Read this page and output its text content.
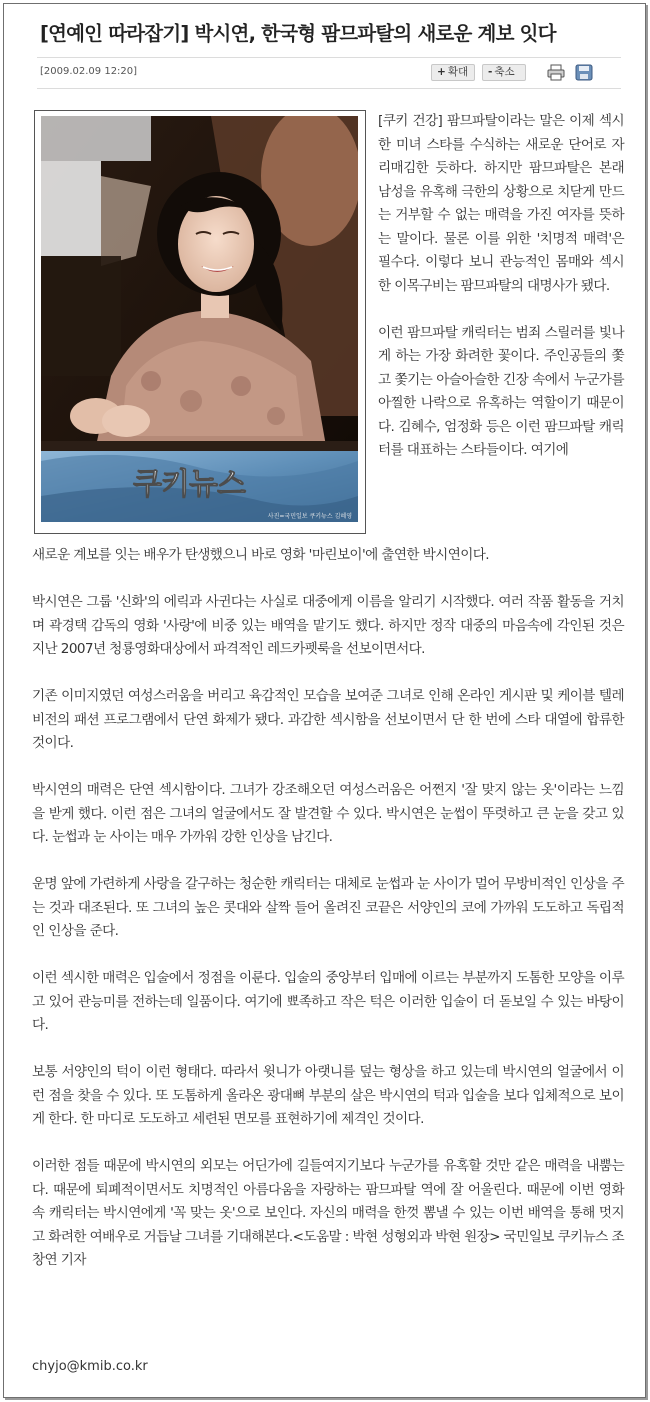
[연예인 따라잡기] 박시연, 한국형 팜므파탈의 새로운 계보 잇다
[2009.02.09 12:20]	+ 확대	- 축소
쿠키뉴스
사진=국민일보 쿠키뉴스 김혜영

[쿠키 건강] 팜므파탈이라는 말은 이제 섹시한 미녀 스타를 수식하는 새로운 단어로 자리매김한 듯하다. 하지만 팜므파탈은 본래 남성을 유혹해 극한의 상황으로 치닫게 만드는 거부할 수 없는 매력을 가진 여자를 뜻하는 말이다. 물론 이를 위한 '치명적 매력'은 필수다. 이렇다 보니 관능적인 몸매와 섹시한 이목구비는 팜므파탈의 대명사가 됐다.

이런 팜므파탈 캐릭터는 범죄 스릴러를 빛나게 하는 가장 화려한 꽃이다. 주인공들의 쫓고 쫓기는 아슬아슬한 긴장 속에서 누군가를 아찔한 나락으로 유혹하는 역할이기 때문이다. 김혜수, 엄정화 등은 이런 팜므파탈 캐릭터를 대표하는 스타들이다. 여기에

새로운 계보를 잇는 배우가 탄생했으니 바로 영화 '마린보이'에 출연한 박시연이다.

박시연은 그룹 '신화'의 에릭과 사귄다는 사실로 대중에게 이름을 알리기 시작했다. 여러 작품 활동을 거치며 곽경택 감독의 영화 '사랑'에 비중 있는 배역을 맡기도 했다. 하지만 정작 대중의 마음속에 각인된 것은 지난 2007년 청룡영화대상에서 파격적인 레드카펫룩을 선보이면서다.

기존 이미지였던 여성스러움을 버리고 육감적인 모습을 보여준 그녀로 인해 온라인 게시판 및 케이블 텔레비전의 패션 프로그램에서 단연 화제가 됐다. 과감한 섹시함을 선보이면서 단 한 번에 스타 대열에 합류한 것이다.

박시연의 매력은 단연 섹시함이다. 그녀가 강조해오던 여성스러움은 어쩐지 '잘 맞지 않는 옷'이라는 느낌을 받게 했다. 이런 점은 그녀의 얼굴에서도 잘 발견할 수 있다. 박시연은 눈썹이 뚜렷하고 큰 눈을 갖고 있다. 눈썹과 눈 사이는 매우 가까워 강한 인상을 남긴다.

운명 앞에 가련하게 사랑을 갈구하는 청순한 캐릭터는 대체로 눈썹과 눈 사이가 멀어 무방비적인 인상을 주는 것과 대조된다. 또 그녀의 높은 콧대와 살짝 들어 올려진 코끝은 서양인의 코에 가까워 도도하고 독립적인 인상을 준다.

이런 섹시한 매력은 입술에서 정점을 이룬다. 입술의 중앙부터 입매에 이르는 부분까지 도톰한 모양을 이루고 있어 관능미를 전하는데 일품이다. 여기에 뾰족하고 작은 턱은 이러한 입술이 더 돋보일 수 있는 바탕이다.

보통 서양인의 턱이 이런 형태다. 따라서 윗니가 아랫니를 덮는 형상을 하고 있는데 박시연의 얼굴에서 이런 점을 찾을 수 있다. 또 도톰하게 올라온 광대뼈 부분의 살은 박시연의 턱과 입술을 보다 입체적으로 보이게 한다. 한 마디로 도도하고 세련된 면모를 표현하기에 제격인 것이다.

이러한 점들 때문에 박시연의 외모는 어딘가에 길들여지기보다 누군가를 유혹할 것만 같은 매력을 내뿜는다. 때문에 퇴폐적이면서도 치명적인 아름다움을 자랑하는 팜므파탈 역에 잘 어울린다. 때문에 이번 영화 속 캐릭터는 박시연에게 '꼭 맞는 옷'으로 보인다. 자신의 매력을 한껏 뽐낼 수 있는 이번 배역을 통해 멋지고 화려한 여배우로 거듭날 그녀를 기대해본다.<도움말 : 박현 성형외과 박현 원장> 국민일보 쿠키뉴스 조창연 기자

chyjo@kmib.co.kr
